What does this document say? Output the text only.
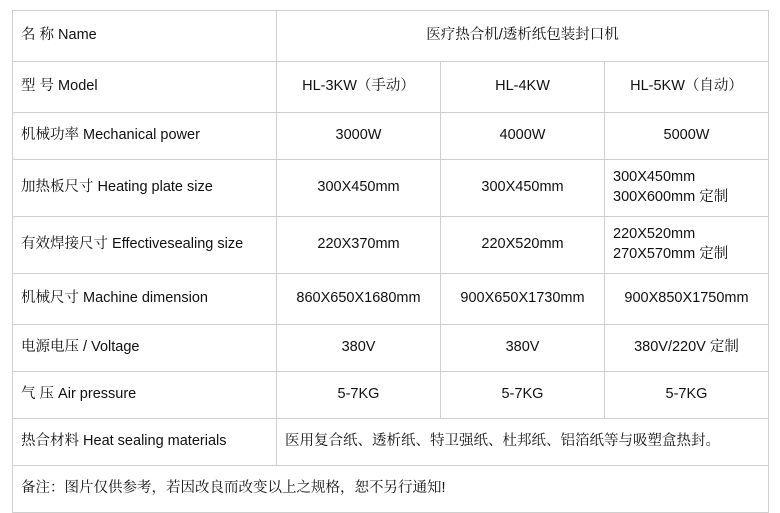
名 称 Name	医疗热合机/透析纸包装封口机		
型 号 Model	HL-3KW（手动）	HL-4KW	HL-5KW（自动）
机械功率 Mechanical power	3000W	4000W	5000W
加热板尺寸 Heating plate size	300X450mm	300X450mm	300X450mm
300X600mm 定制

有效焊接尺寸 Effectivesealing size	220X370mm	220X520mm	220X520mm
270X570mm 定制

机械尺寸 Machine dimension	860X650X1680mm	900X650X1730mm	900X850X1750mm
电源电压 / Voltage	380V	380V	380V/220V 定制
气 压 Air pressure	5-7KG	5-7KG	5-7KG
热合材料 Heat sealing materials	医用复合纸、透析纸、特卫强纸、杜邦纸、铝箔纸等与吸塑盒热封。		
备注：图片仅供参考，若因改良而改变以上之规格，恕不另行通知!			
